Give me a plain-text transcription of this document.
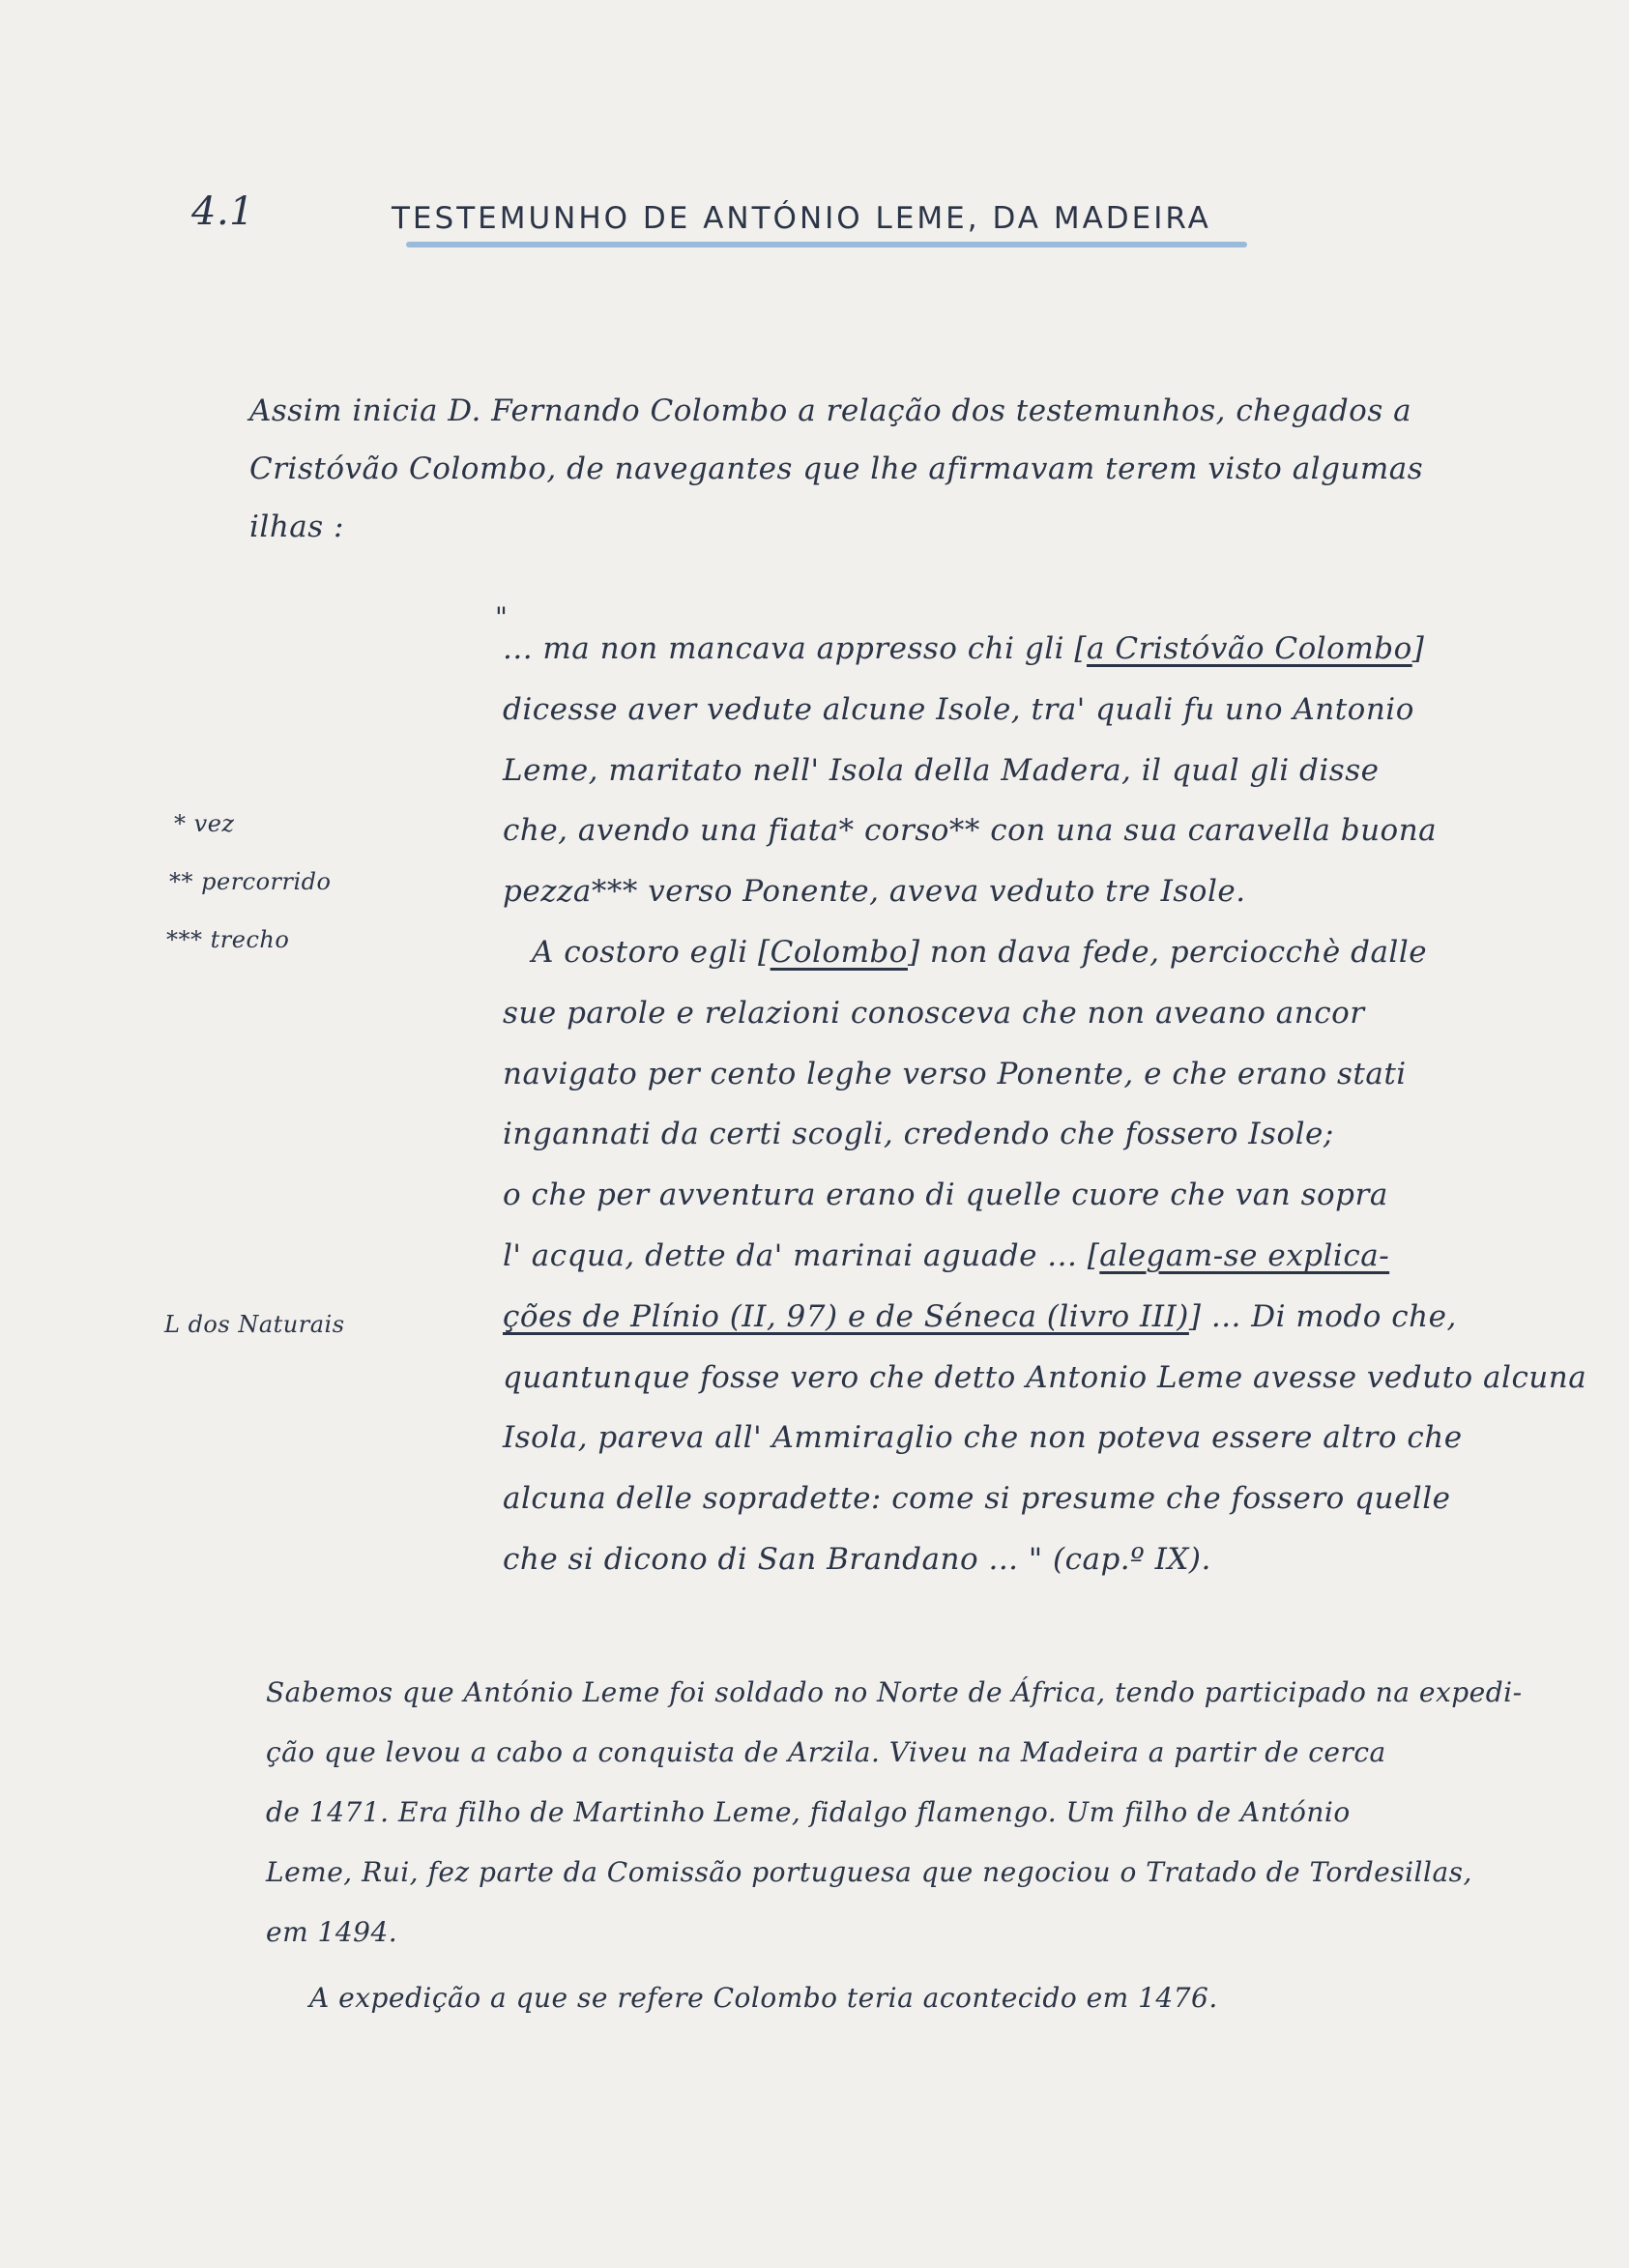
4.1	TESTEMUNHO DE ANTÓNIO LEME, DA MADEIRA
Assim inicia D. Fernando Colombo a relação dos testemunhos, chegados a
Cristóvão Colombo, de navegantes que lhe afirmavam terem visto algumas
ilhas :
"
... ma non mancava appresso chi gli [a Cristóvão Colombo]
dicesse aver vedute alcune Isole, tra' quali fu uno Antonio
Leme, maritato nell' Isola della Madera, il qual gli disse
che, avendo una fiata* corso** con una sua caravella buona
pezza*** verso Ponente, aveva veduto tre Isole.
A costoro egli [Colombo] non dava fede, perciocchè dalle
sue parole e relazioni conosceva che non aveano ancor
navigato per cento leghe verso Ponente, e che erano stati
ingannati da certi scogli, credendo che fossero Isole;
o che per avventura erano di quelle cuore che van sopra
l' acqua, dette da' marinai aguade ... [alegam-se explica-
ções de Plínio (II, 97) e de Séneca (livro III)] ... Di modo che,
quantunque fosse vero che detto Antonio Leme avesse veduto alcuna
Isola, pareva all' Ammiraglio che non poteva essere altro che
alcuna delle sopradette: come si presume che fossero quelle
che si dicono di San Brandano ... " (cap.º IX).
* vez
** percorrido
*** trecho
L dos Naturais
Sabemos que António Leme foi soldado no Norte de África, tendo participado na expedi-
ção que levou a cabo a conquista de Arzila. Viveu na Madeira a partir de cerca
de 1471. Era filho de Martinho Leme, fidalgo flamengo. Um filho de António
Leme, Rui, fez parte da Comissão portuguesa que negociou o Tratado de Tordesillas,
em 1494.
A expedição a que se refere Colombo teria acontecido em 1476.
